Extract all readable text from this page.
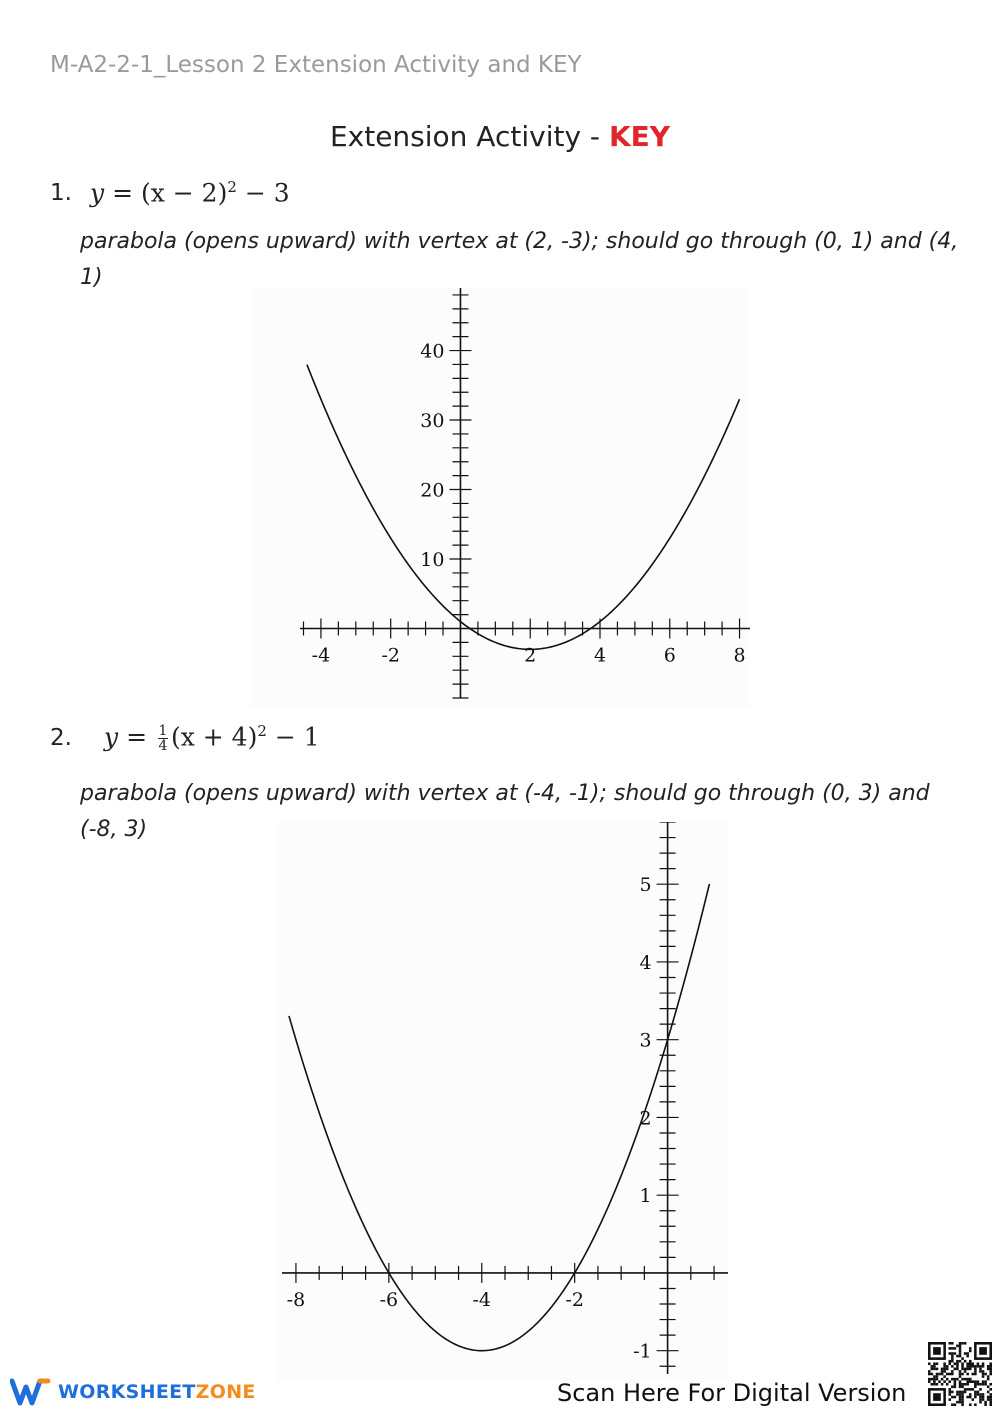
M-A2-2-1_Lesson 2 Extension Activity and KEY
Extension Activity - KEY
1. $y = (x - 2)^2 - 3$
parabola (opens upward) with vertex at (2, -3); should go through (0, 1) and (4, 1)
-4	-2	2	4	6	8
10
20
30
40
2. $y = \frac{1}{4} (x + 4)^2 - 1$
parabola (opens upward) with vertex at (-4, -1); should go through (0, 3) and (-8, 3)
-8	-6	-4	-2
-1
1
2
3
4
5
WORKSHEETZONE	Scan Here For Digital Version
